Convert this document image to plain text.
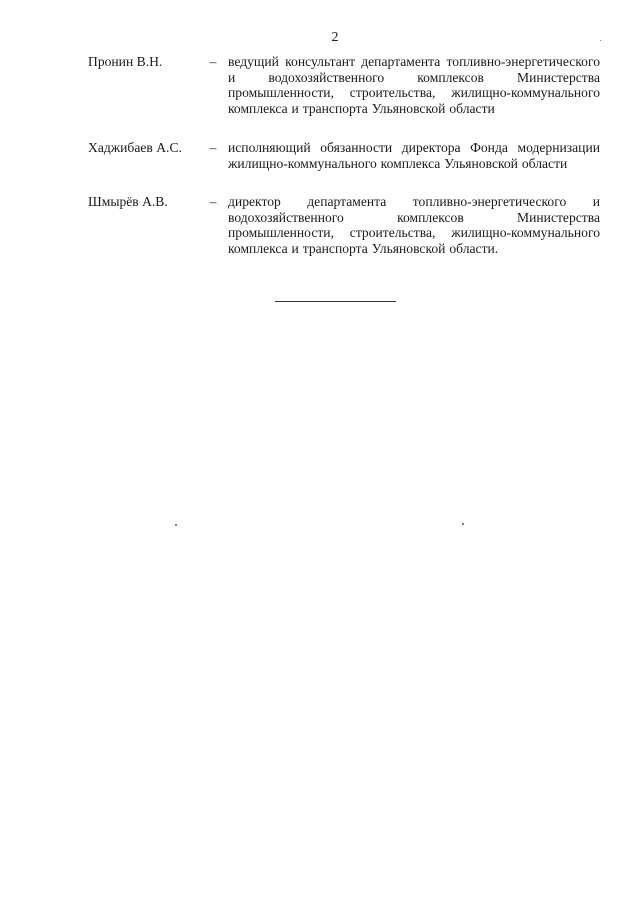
2
Пронин В.Н.	– ведущий консультант департамента топливно-энергетического и водохозяйственного комплексов Министерства промышленности, строительства, жилищно-коммунального комплекса и транспорта Ульяновской области
Хаджибаев А.С.	– исполняющий обязанности директора Фонда модернизации жилищно-коммунального комплекса Ульяновской области
Шмырёв А.В.	– директор департамента топливно-энергетического и водохозяйственного комплексов Министерства промышленности, строительства, жилищно-коммунального комплекса и транспорта Ульяновской области.
